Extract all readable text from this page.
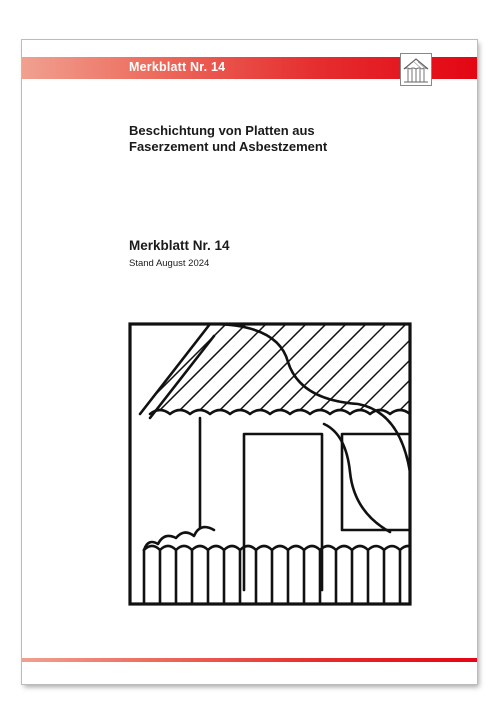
Merkblatt Nr. 14
Beschichtung von Platten aus
Faserzement und Asbestzement
Merkblatt Nr. 14
Stand August 2024
